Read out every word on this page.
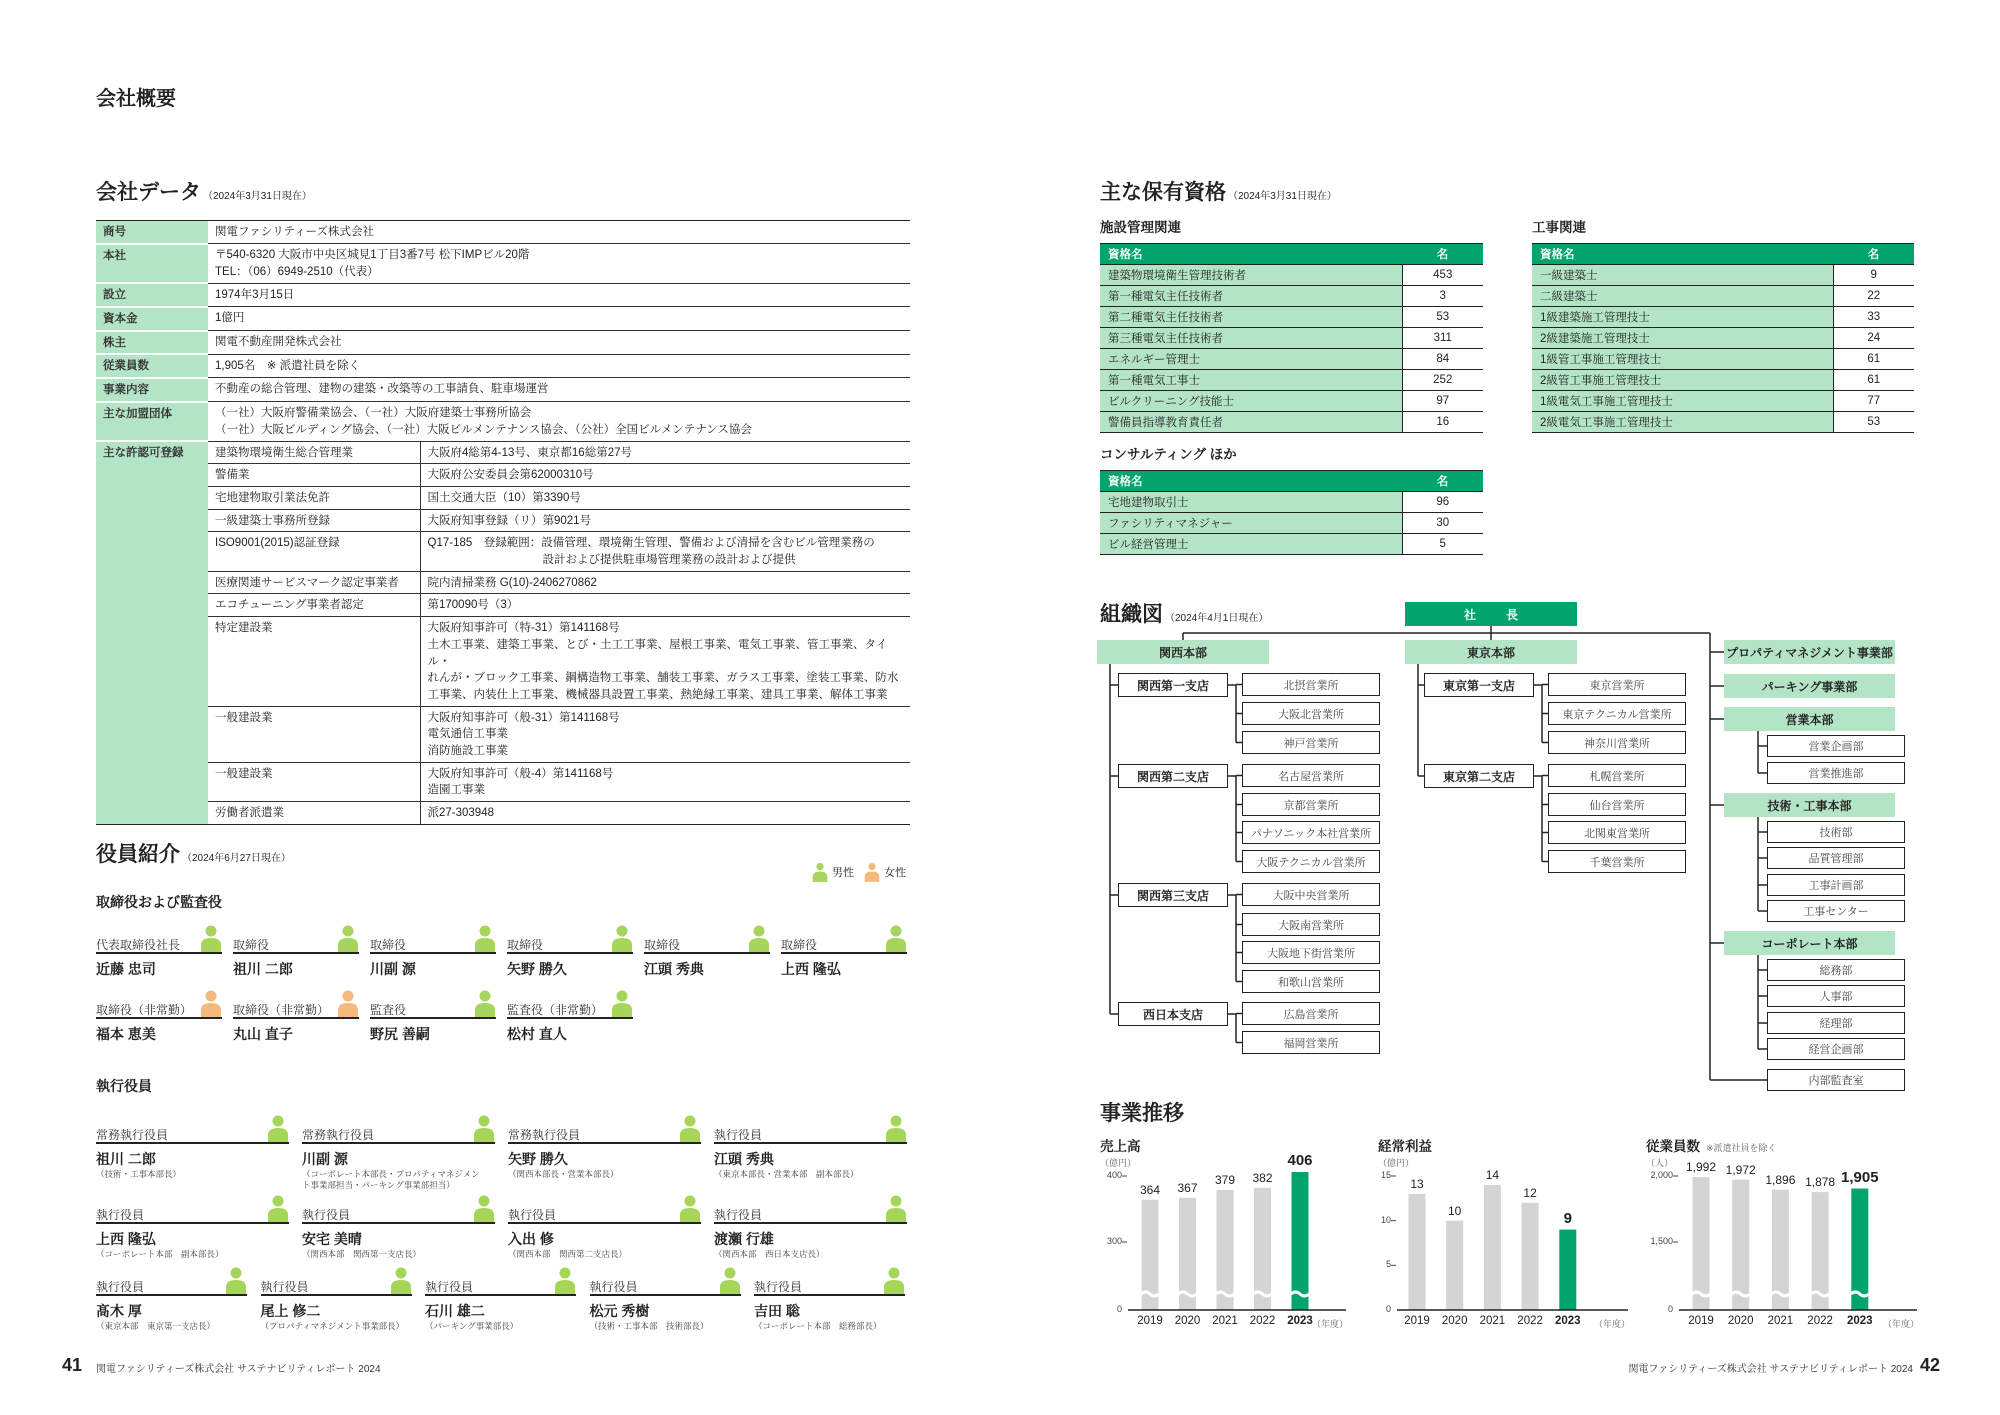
会社概要
会社データ （2024年3月31日現在）
商号	関電ファシリティーズ株式会社	

本社	〒540-6320 大阪市中央区城見1丁目3番7号 松下IMPビル20階
TEL：（06）6949-2510（代表）	

設立	1974年3月15日	

資本金	1億円	

株主	関電不動産開発株式会社	

従業員数	1,905名　※ 派遣社員を除く	

事業内容	不動産の総合管理、建物の建築・改築等の工事請負、駐車場運営	

主な加盟団体	（一社）大阪府警備業協会、（一社）大阪府建築士事務所協会
（一社）大阪ビルディング協会、（一社）大阪ビルメンテナンス協会、（公社）全国ビルメンテナンス協会	

主な許認可登録	建築物環境衛生総合管理業	大阪府4総第4-13号、東京都16総第27号

	警備業	大阪府公安委員会第62000310号

	宅地建物取引業法免許	国土交通大臣（10）第3390号

	一級建築士事務所登録	大阪府知事登録（リ）第9021号

	ISO9001(2015)認証登録	Q17-185　登録範囲：設備管理、環境衛生管理、警備および清掃を含むビル管理業務の
　　　　　　　　　　設計および提供駐車場管理業務の設計および提供

	医療関連サービスマーク認定事業者	院内清掃業務 G(10)-2406270862

	エコチューニング事業者認定	第170090号（3）

	特定建設業	大阪府知事許可（特-31）第141168号
土木工事業、建築工事業、とび・土工工事業、屋根工事業、電気工事業、管工事業、タイル・
れんが・ブロック工事業、鋼構造物工事業、舗装工事業、ガラス工事業、塗装工事業、防水
工事業、内装仕上工事業、機械器具設置工事業、熱絶縁工事業、建具工事業、解体工事業

	一般建設業	大阪府知事許可（般-31）第141168号
電気通信工事業
消防施設工事業

	一般建設業	大阪府知事許可（般-4）第141168号
造園工事業

	労働者派遣業	派27-303948
役員紹介 （2024年6月27日現在）
男性	女性
取締役および監査役
執行役員
代表取締役社長
近藤 忠司
取締役
祖川 二郎
取締役
川副 源
取締役
矢野 勝久
取締役
江頭 秀典
取締役
上西 隆弘
取締役（非常勤）
福本 恵美
取締役（非常勤）
丸山 直子
監査役
野尻 善嗣
監査役（非常勤）
松村 直人
常務執行役員
祖川 二郎
（技術・工事本部長）
常務執行役員
川副 源
（コーポレート本部長・プロパティマネジメント事業部担当・パーキング事業部担当）
常務執行役員
矢野 勝久
（関西本部長・営業本部長）
執行役員
江頭 秀典
（東京本部長・営業本部　副本部長）
執行役員
上西 隆弘
（コーポレート本部　副本部長）
執行役員
安宅 美晴
（関西本部　関西第一支店長）
執行役員
入出 修
（関西本部　関西第二支店長）
執行役員
渡瀬 行雄
（関西本部　西日本支店長）
執行役員
髙木 厚
（東京本部　東京第一支店長）
執行役員
尾上 修二
（プロパティマネジメント事業部長）
執行役員
石川 雄二
（パーキング事業部長）
執行役員
松元 秀樹
（技術・工事本部　技術部長）
執行役員
吉田 聡
（コーポレート本部　総務部長）
主な保有資格 （2024年3月31日現在）
施設管理関連
資格名	名
建築物環境衛生管理技術者	453
第一種電気主任技術者	3
第二種電気主任技術者	53
第三種電気主任技術者	311
エネルギー管理士	84
第一種電気工事士	252
ビルクリーニング技能士	97
警備員指導教育責任者	16
工事関連
資格名	名
一級建築士	9
二級建築士	22
1級建築施工管理技士	33
2級建築施工管理技士	24
1級管工事施工管理技士	61
2級管工事施工管理技士	61
1級電気工事施工管理技士	77
2級電気工事施工管理技士	53
コンサルティング ほか
資格名	名
宅地建物取引士	96
ファシリティマネジャー	30
ビル経営管理士	5
組織図 （2024年4月1日現在）	社長
関西本部
関西第一支店	北摂営業所
大阪北営業所
神戸営業所
関西第二支店	名古屋営業所
京都営業所
パナソニック本社営業所
大阪テクニカル営業所
関西第三支店	大阪中央営業所
大阪南営業所
大阪地下街営業所
和歌山営業所
西日本支店	広島営業所
福岡営業所
東京本部
東京第一支店	東京営業所
東京テクニカル営業所
神奈川営業所
東京第二支店	札幌営業所
仙台営業所
北関東営業所
千葉営業所
プロパティマネジメント事業部
パーキング事業部
営業本部
営業企画部
営業推進部
技術・工事本部
技術部
品質管理部
工事計画部
工事センター
コーポレート本部
総務部
人事部
経理部
経営企画部
内部監査室
事業推移
売上高
（億円）
0
300
400
364
2019
367
2020
379
2021
382
2022
406
2023 （年度）
経常利益
（億円）
0
5
10
15
13
2019
10
2020
14
2021
12
2022
9
2023	（年度）
従業員数 ※派遣社員を除く
（人）
0
1,500
2,000
1,992
2019
1,972
2020
1,896
2021
1,878
2022
1,905
2023	（年度）
41 関電ファシリティーズ株式会社 サステナビリティレポート 2024	関電ファシリティーズ株式会社 サステナビリティレポート 2024 42
